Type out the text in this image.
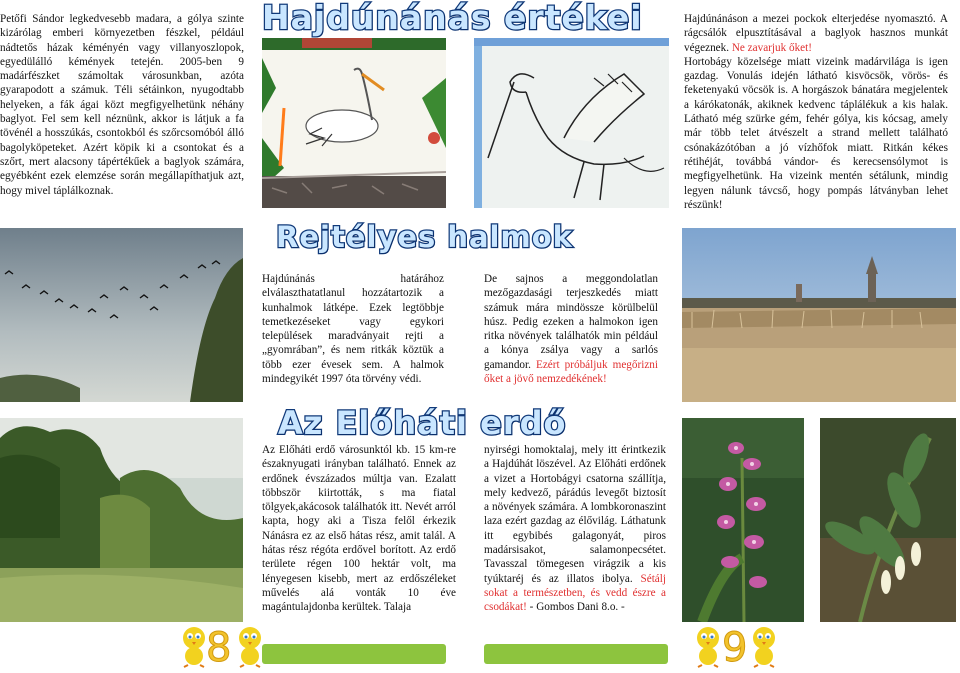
Hajdúnánás értékei
Rejtélyes halmok
Az Előháti erdő
Petőfi Sándor legkedvesebb madara, a gólya szinte kizárólag emberi környezetben fészkel, például nádtetős házak kéményén vagy villanyoszlopok, egyedülálló kémények tetején. 2005-ben 9 madárfészket számoltak városunkban, azóta gyarapodott a számuk. Téli sétáinkon, nyugodtabb helyeken, a fák ágai közt megfigyelhetünk néhány baglyot. Fel sem kell néznünk, akkor is látjuk a fa tövénél a hosszúkás, csontokból és szőrcsomóból álló bagolyköpeteket. Azért köpik ki a csontokat és a szőrt, mert alacsony tápértékűek a baglyok számára, egyébként ezek elemzése során megállapíthatjuk azt, hogy mivel táplálkoznak.

Hajdúnánáson a mezei pockok elterjedése nyomasztó. A rágcsálók elpusztításával a baglyok hasznos munkát végeznek. Ne zavarjuk őket!

Hortobágy közelsége miatt vizeink madárvilága is igen gazdag. Vonulás idején látható kisvöcsök, vörös- és feketenyakú vöcsök is. A horgászok bánatára megjelentek a kárókatonák, akiknek kedvenc táplálékuk a kis halak. Látható még szürke gém, fehér gólya, kis kócsag, amely már több telet átvészelt a strand mellett található csónakázótóban a jó vízhőfok miatt. Ritkán kékes rétihéját, továbbá vándor- és kerecsensólymot is megfigyelhetünk. Ha vizeink mentén sétálunk, mindig legyen nálunk távcső, hogy pompás látványban lehet részünk!

Hajdúnánás határához elválaszthatatlanul hozzátartozik a kunhalmok látképe. Ezek legtöbbje temetkezéseket vagy egykori települések maradványait rejti a „gyomrában”, és nem ritkák köztük a több ezer évesek sem. A halmok mindegyikét 1997 óta törvény védi.

De sajnos a meggondolatlan mezőgazdasági terjeszkedés miatt számuk mára mindössze körülbelül húsz. Pedig ezeken a halmokon igen ritka növények találhatók min például a kónya zsálya vagy a sarlós gamandor. Ezért próbáljuk megőrizni őket a jövő nemzedékének!

Az Előháti erdő városunktól kb. 15 km-re északnyugati irányban található. Ennek az erdőnek évszázados múltja van. Ezalatt többször kiirtották, s ma fiatal tölgyek,akácosok találhatók itt. Nevét arról kapta, hogy aki a Tisza felől érkezik Nánásra ez az első hátas rész, amit talál. A hátas rész régóta erdővel borított. Az erdő területe régen 100 hektár volt, ma lényegesen kisebb, mert az erdőszéleket művelés alá vonták 10 éve magántulajdonba kerültek. Talaja

nyirségi homoktalaj, mely itt érintkezik a Hajdúhát löszével. Az Előháti erdőnek a vizet a Hortobágyi csatorna szállítja, mely kedvező, párádús levegőt biztosít a növények számára. A lombkoronaszint laza ezért gazdag az élővilág. Láthatunk itt egybibés galagonyát, piros madársisakot, salamonpecsétet. Tavasszal tömegesen virágzik a kis tyúktaréj és az illatos ibolya. Sétálj sokat a természetben, és vedd észre a csodákat! - Gombos Dani 8.o. -

8	9
